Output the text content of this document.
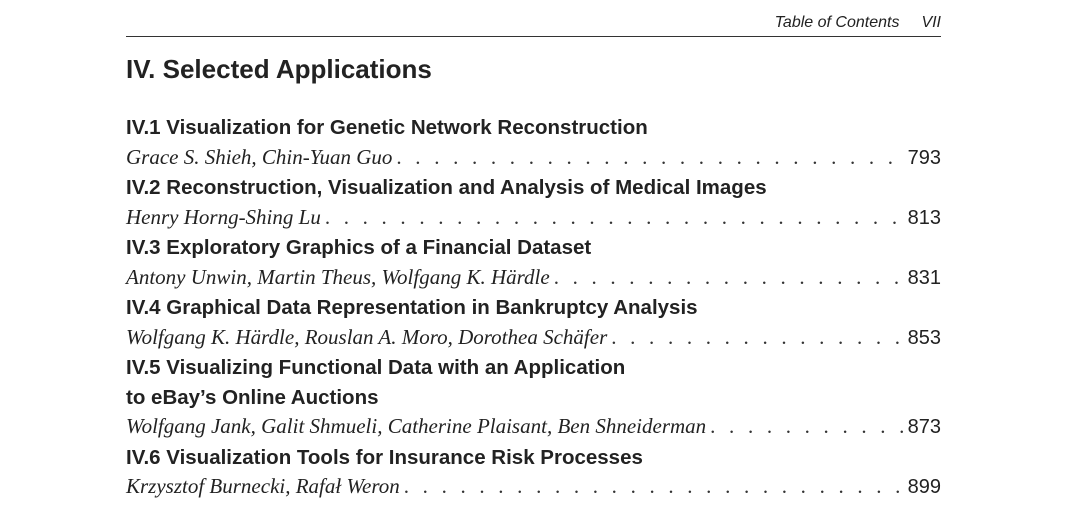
Table of Contents VII
IV. Selected Applications
IV.1 Visualization for Genetic Network Reconstruction
Grace S. Shieh, Chin-Yuan Guo . . .	793
IV.2 Reconstruction, Visualization and Analysis of Medical Images
Henry Horng-Shing Lu . . .	813
IV.3 Exploratory Graphics of a Financial Dataset
Antony Unwin, Martin Theus, Wolfgang K. Härdle . . .	831
IV.4 Graphical Data Representation in Bankruptcy Analysis
Wolfgang K. Härdle, Rouslan A. Moro, Dorothea Schäfer . . .	853
IV.5 Visualizing Functional Data with an Application
to eBay’s Online Auctions
Wolfgang Jank, Galit Shmueli, Catherine Plaisant, Ben Shneiderman . . .	873
IV.6 Visualization Tools for Insurance Risk Processes
Krzysztof Burnecki, Rafał Weron . . .	899
